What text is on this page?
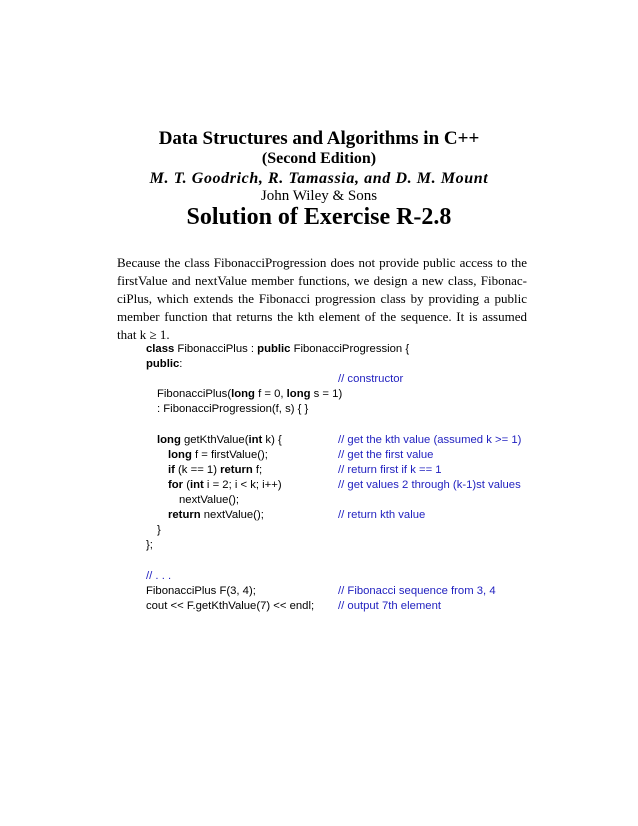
Data Structures and Algorithms in C++
(Second Edition)
M. T. Goodrich, R. Tamassia, and D. M. Mount
John Wiley & Sons
Solution of Exercise R-2.8
Because the class FibonacciProgression does not provide public access to the
firstValue and nextValue member functions, we design a new class, Fibonac-
ciPlus, which extends the Fibonacci progression class by providing a public
member function that returns the kth element of the sequence. It is assumed
that k ≥ 1.
class FibonacciPlus : public FibonacciProgression {
public:
// constructor
FibonacciPlus(long f = 0, long s = 1)
: FibonacciProgression(f, s) { }
long getKthValue(int k) {	// get the kth value (assumed k >= 1)
long f = firstValue();	// get the first value
if (k == 1) return f;	// return first if k == 1
for (int i = 2; i < k; i++)	// get values 2 through (k-1)st values
nextValue();
return nextValue();	// return kth value
}
};
// . . .
FibonacciPlus F(3, 4);	// Fibonacci sequence from 3, 4
cout << F.getKthValue(7) << endl; // output 7th element
